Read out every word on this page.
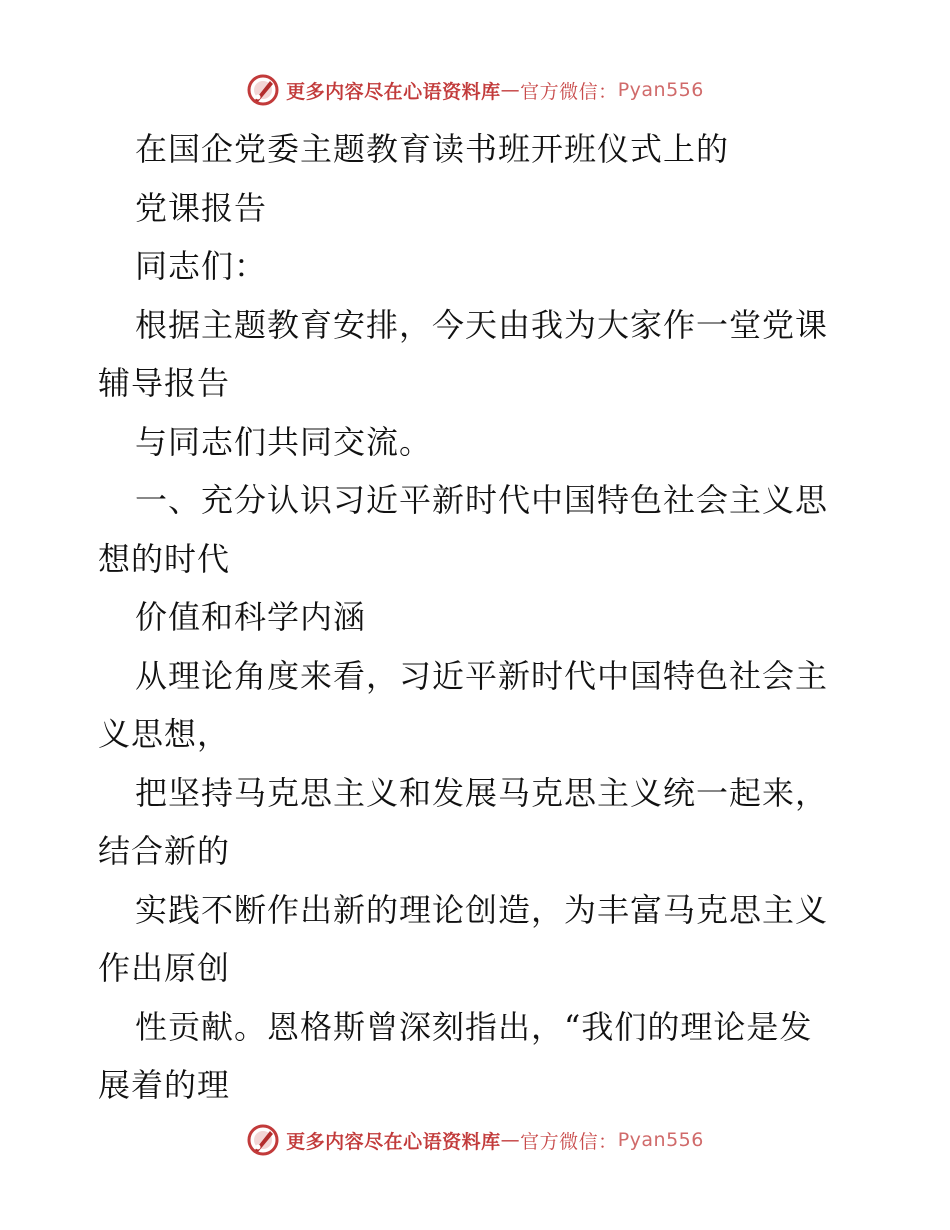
更多内容尽在心语资料库 — 官方微信： Pyan556
在国企党委主题教育读书班开班仪式上的
党课报告
同志们：
根据主题教育安排，今天由我为大家作一堂党课
辅导报告
与同志们共同交流。
一、充分认识习近平新时代中国特色社会主义思
想的时代
价值和科学内涵
从理论角度来看，习近平新时代中国特色社会主
义思想，
把坚持马克思主义和发展马克思主义统一起来，
结合新的
实践不断作出新的理论创造，为丰富马克思主义
作出原创
性贡献。恩格斯曾深刻指出，“我们的理论是发
展着的理
更多内容尽在心语资料库 — 官方微信： Pyan556
